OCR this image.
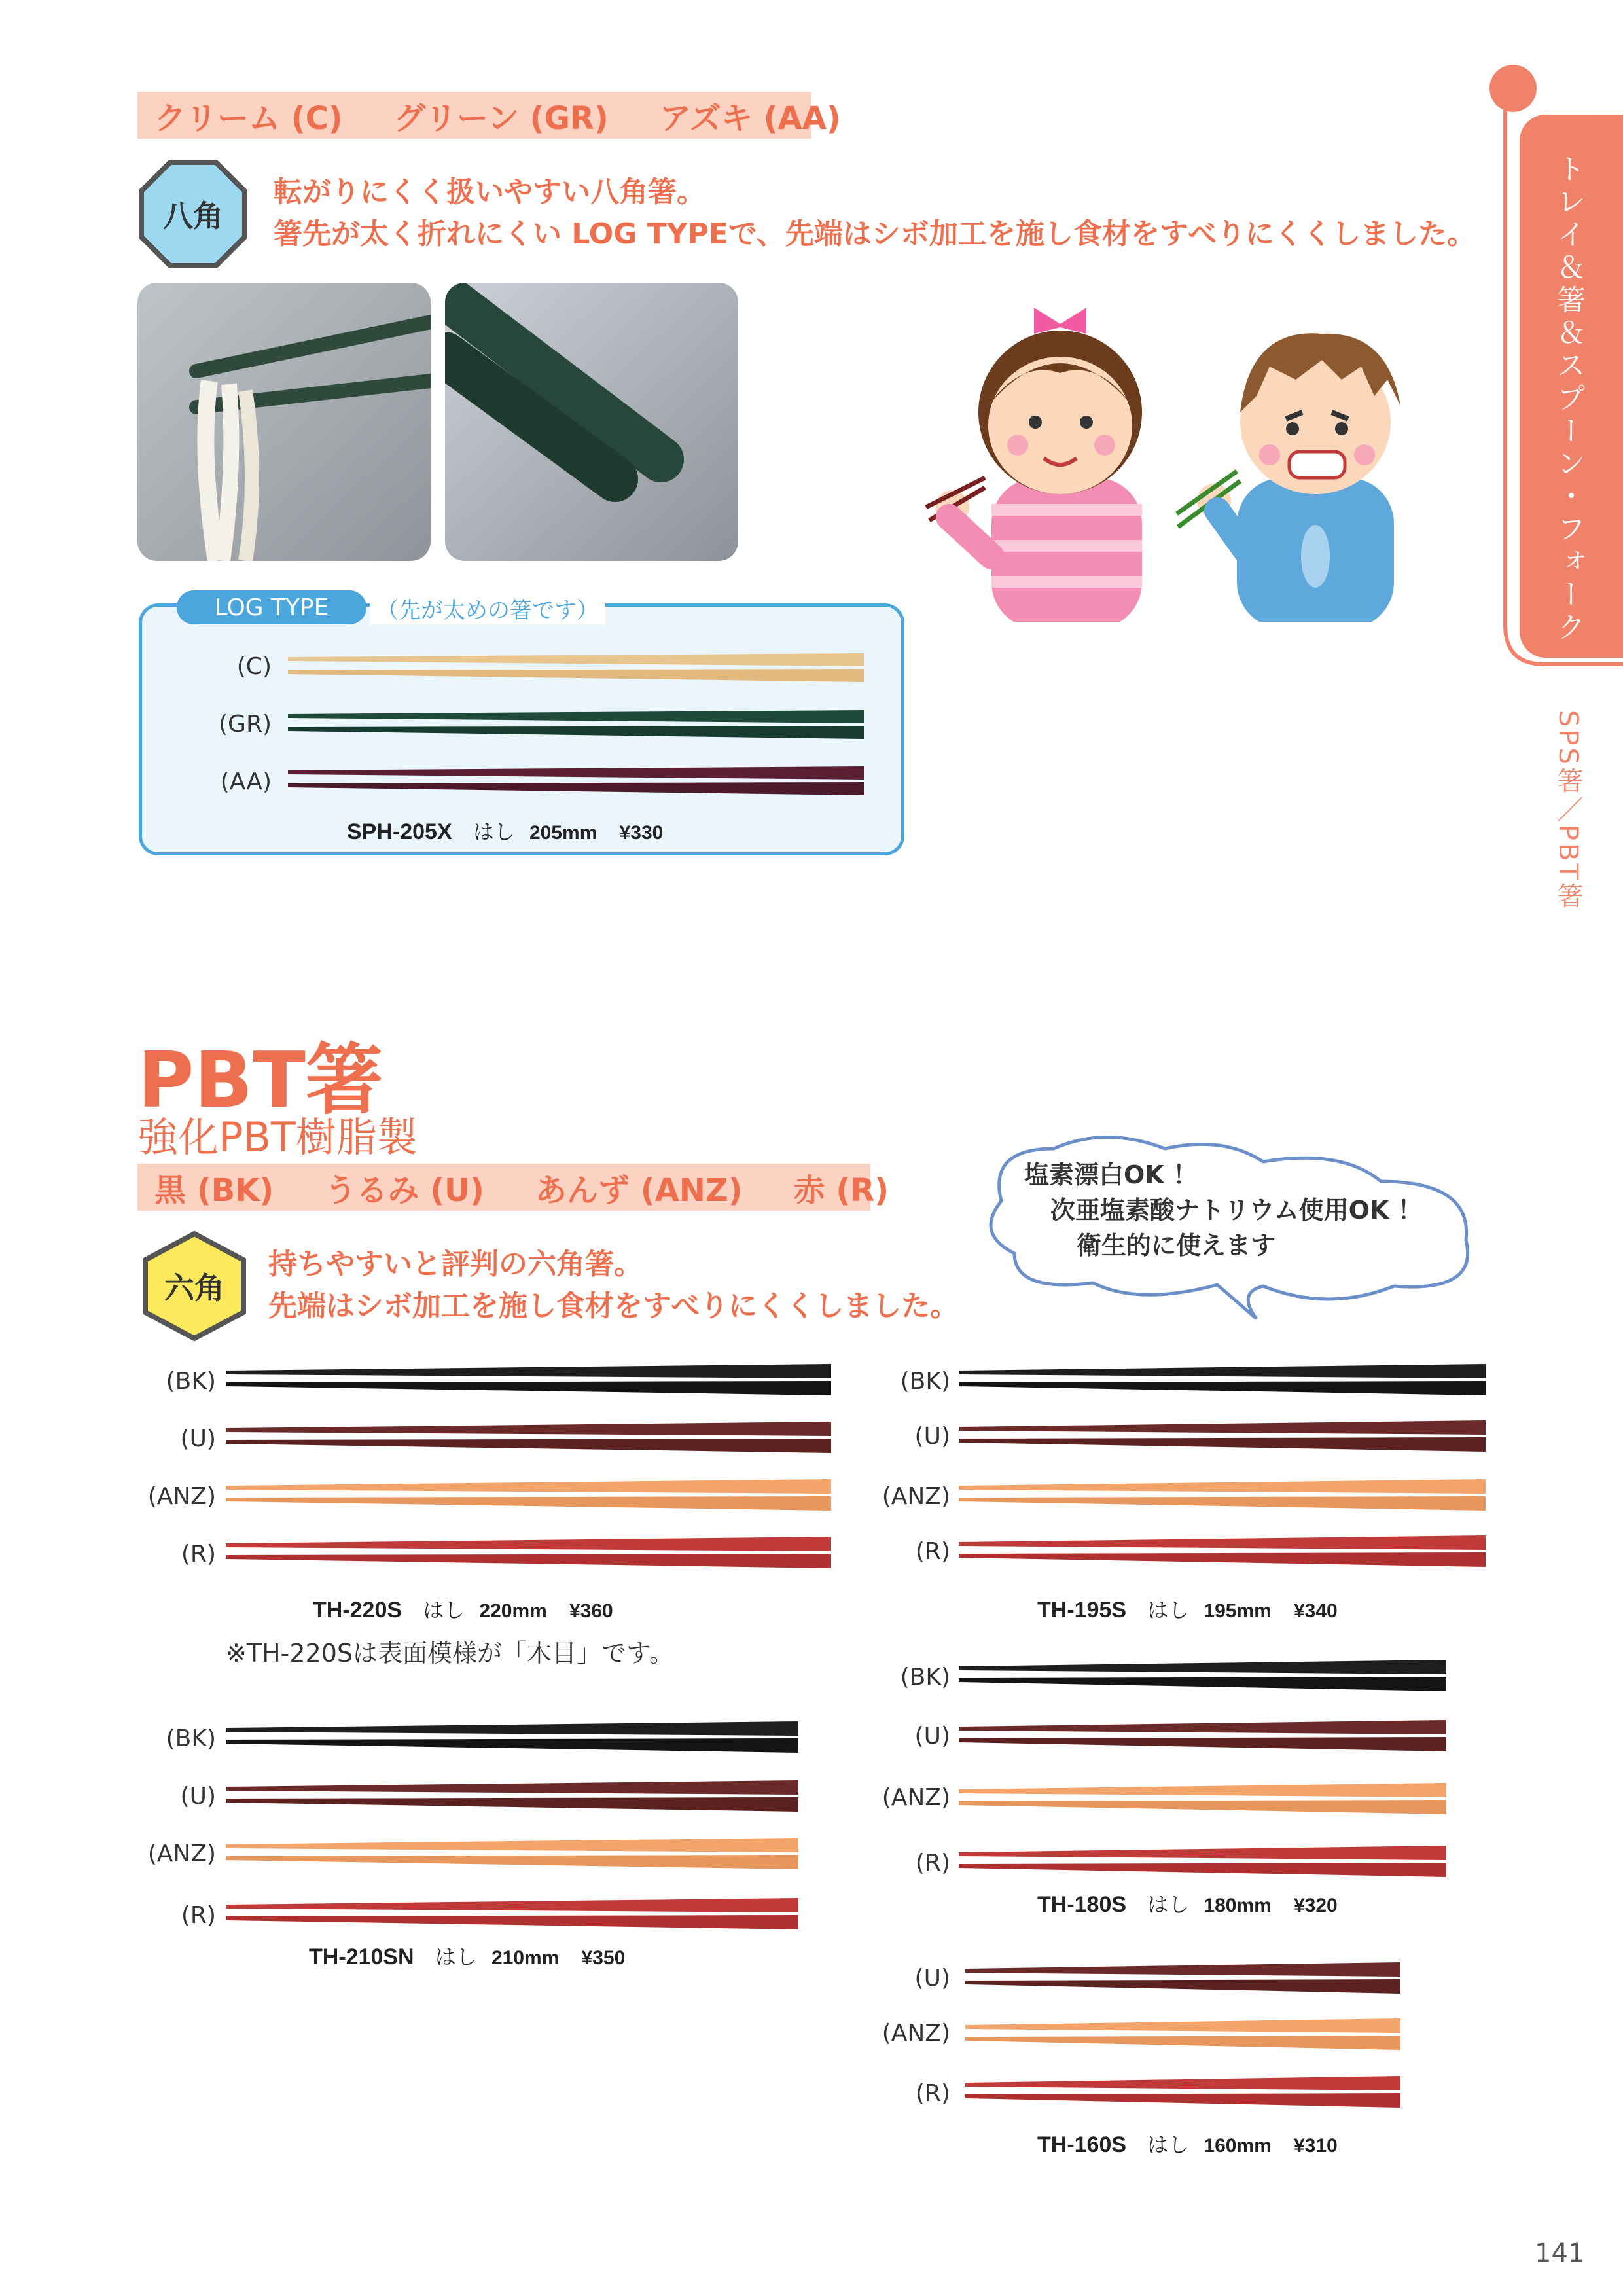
トレイ＆箸＆スプーン・フォーク
SPS箸／PBT箸
クリーム (C) グリーン (GR) アズキ (AA)
八角
転がりにくく扱いやすい八角箸。
箸先が太く折れにくい LOG TYPEで、先端はシボ加工を施し食材をすべりにくくしました。
LOG TYPE	（先が太めの箸です）
(C)
(GR)
(AA)
SPH-205X はし 205mm ¥330
PBT箸
強化PBT樹脂製
黒 (BK) うるみ (U) あんず (ANZ) 赤 (R)
六角
持ちやすいと評判の六角箸。
先端はシボ加工を施し食材をすべりにくくしました。
塩素漂白OK ！
次亜塩素酸ナトリウム使用OK ！
衛生的に使えます
(BK)
(U)
(ANZ)
(R)
TH-220S はし 220mm ¥360
※TH-220Sは表面模様が「木目」です。
(BK)
(U)
(ANZ)
(R)
TH-195S はし 195mm ¥340
(BK)
(U)
(ANZ)
(R)
TH-180S はし 180mm ¥320
(BK)
(U)
(ANZ)
(R)
TH-210SN はし 210mm ¥350
(U)
(ANZ)
(R)
TH-160S はし 160mm ¥310
141
